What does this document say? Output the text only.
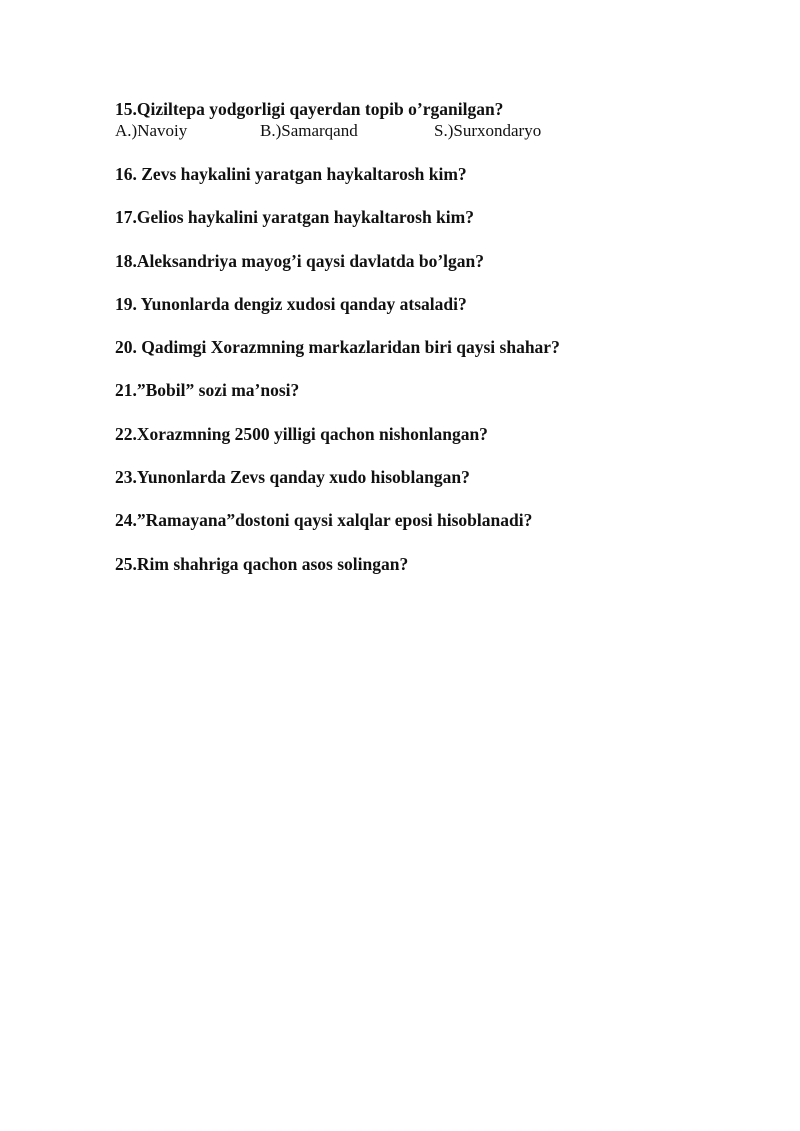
15.Qiziltepa yodgorligi qayerdan topib o’rganilgan?
A.)Navoiy	B.)Samarqand	S.)Surxondaryo
16. Zevs haykalini yaratgan haykaltarosh kim?
17.Gelios haykalini yaratgan haykaltarosh kim?
18.Aleksandriya mayog’i qaysi davlatda bo’lgan?
19. Yunonlarda dengiz xudosi qanday atsaladi?
20. Qadimgi Xorazmning markazlaridan biri qaysi shahar?
21.”Bobil” sozi ma’nosi?
22.Xorazmning 2500 yilligi qachon nishonlangan?
23.Yunonlarda Zevs qanday xudo hisoblangan?
24.”Ramayana”dostoni qaysi xalqlar eposi hisoblanadi?
25.Rim shahriga qachon asos solingan?
